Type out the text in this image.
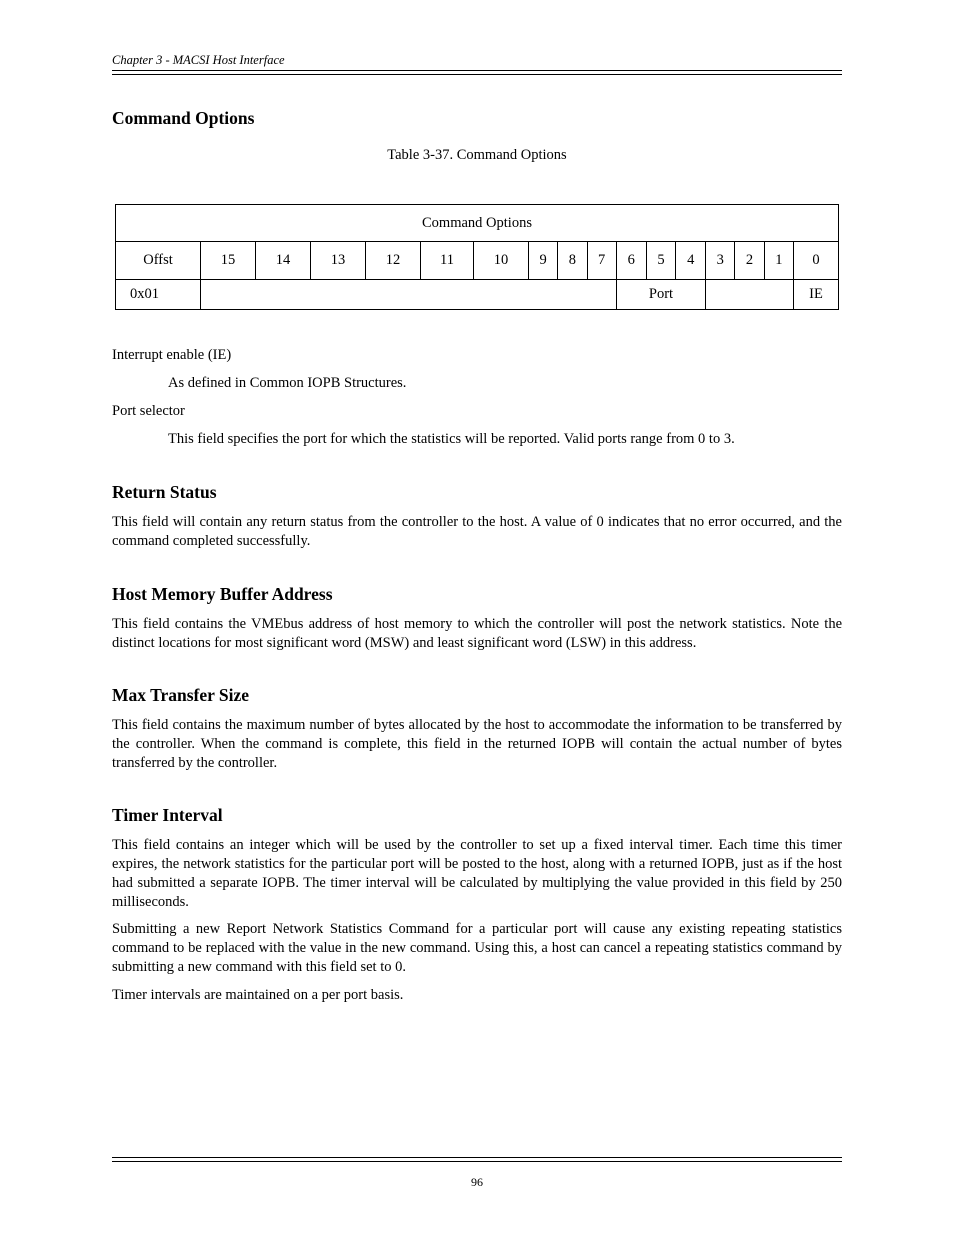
Chapter 3 - MACSI Host Interface
Command Options
Table 3-37. Command Options
Command Options																
Offst	15	14	13	12	11	10	9	8	7	6	5	4	3	2	1	0
0x01										Port						IE
Interrupt enable (IE)
As defined in Common IOPB Structures.
Port selector
This field specifies the port for which the statistics will be reported. Valid ports range from 0 to 3.
Return Status

This field will contain any return status from the controller to the host. A value of 0 indicates that no error occurred, and the command completed successfully.

Host Memory Buffer Address

This field contains the VMEbus address of host memory to which the controller will post the network statistics. Note the distinct locations for most significant word (MSW) and least significant word (LSW) in this address.

Max Transfer Size

This field contains the maximum number of bytes allocated by the host to accommodate the information to be transferred by the controller. When the command is complete, this field in the returned IOPB will contain the actual number of bytes transferred by the controller.

Timer Interval

This field contains an integer which will be used by the controller to set up a fixed interval timer. Each time this timer expires, the network statistics for the particular port will be posted to the host, along with a returned IOPB, just as if the host had submitted a separate IOPB. The timer interval will be calculated by multiplying the value provided in this field by 250 milliseconds.

Submitting a new Report Network Statistics Command for a particular port will cause any existing repeating statistics command to be replaced with the value in the new command. Using this, a host can cancel a repeating statistics command by submitting a new command with this field set to 0.

Timer intervals are maintained on a per port basis.

96
